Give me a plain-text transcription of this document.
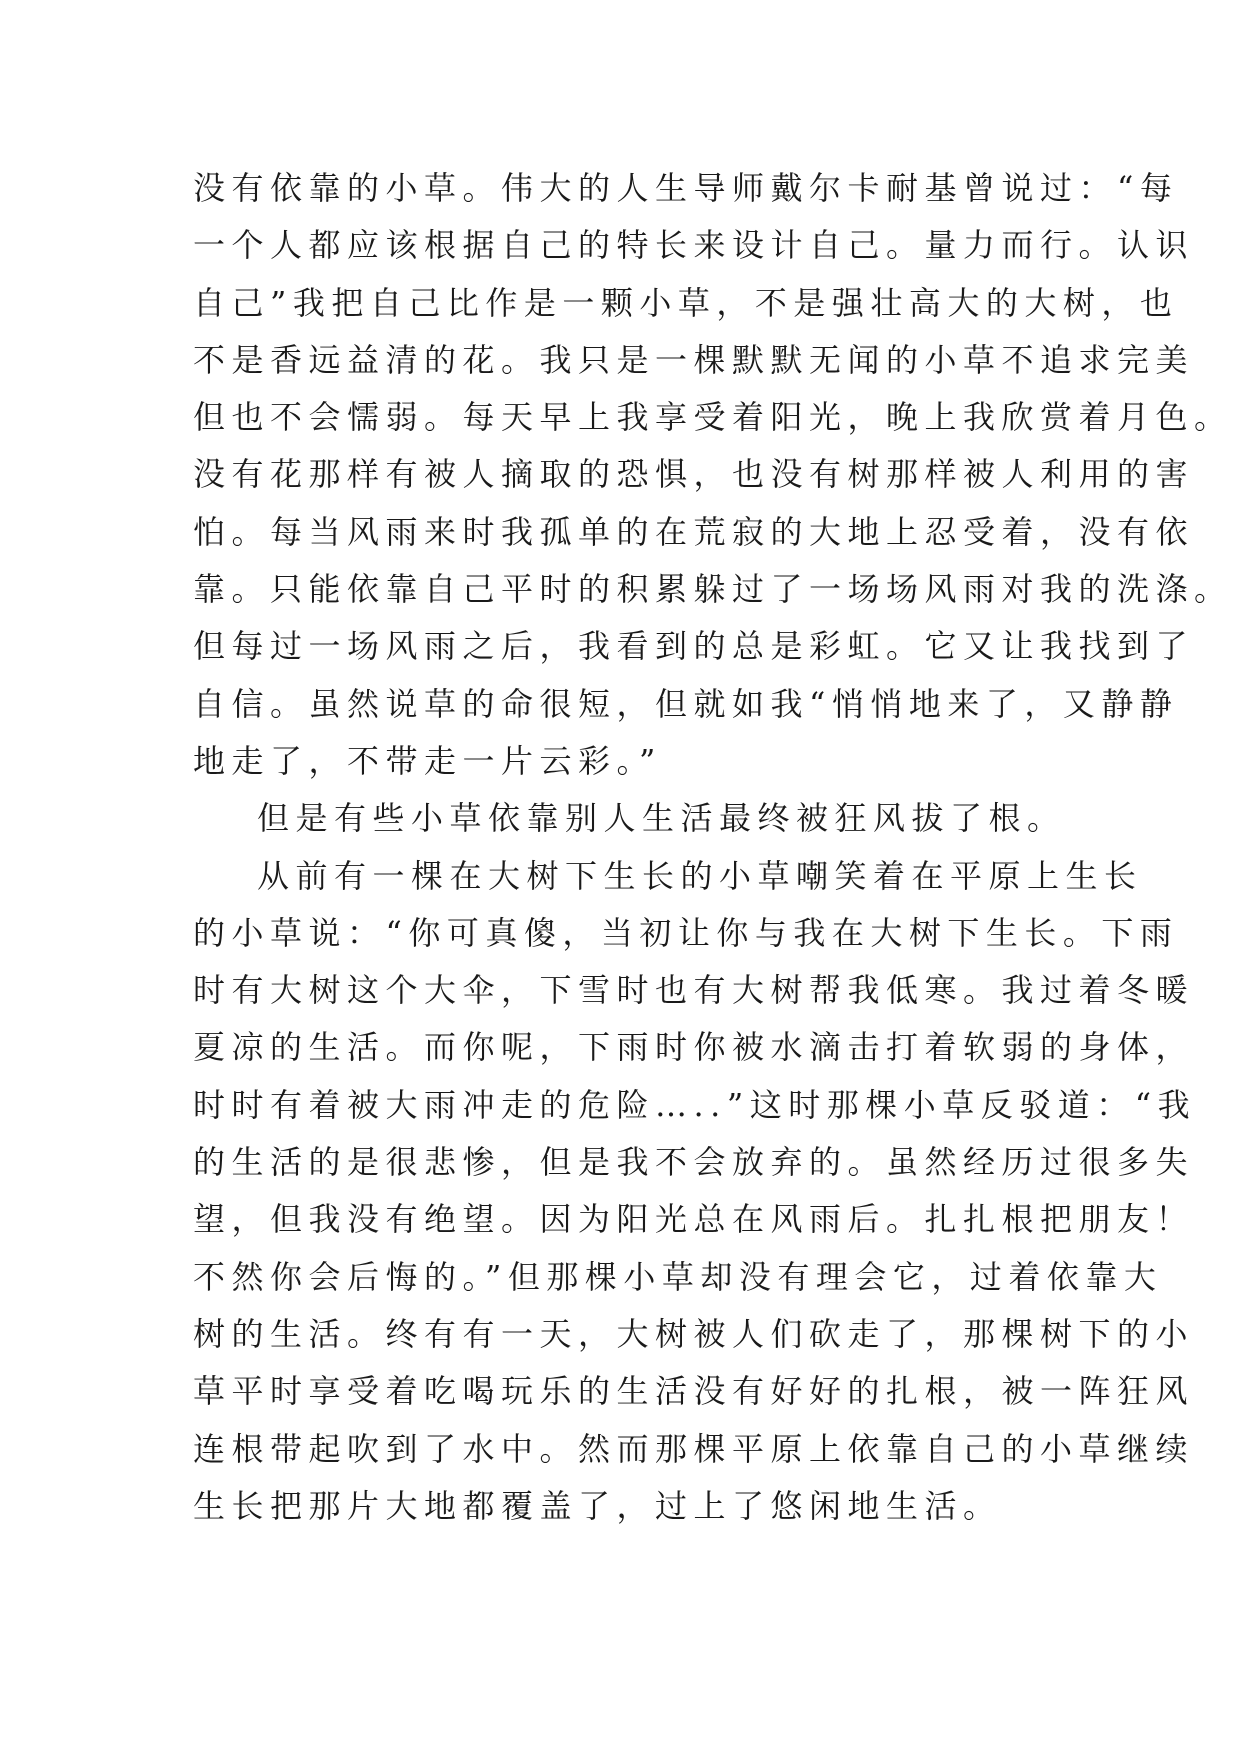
没有依靠的小草。伟大的人生导师戴尔卡耐基曾说过：“每
一个人都应该根据自己的特长来设计自己。量力而行。认识
自己”我把自己比作是一颗小草，不是强壮高大的大树，也
不是香远益清的花。我只是一棵默默无闻的小草不追求完美
但也不会懦弱。每天早上我享受着阳光，晚上我欣赏着月色。
没有花那样有被人摘取的恐惧，也没有树那样被人利用的害
怕。每当风雨来时我孤单的在荒寂的大地上忍受着，没有依
靠。只能依靠自己平时的积累躲过了一场场风雨对我的洗涤。
但每过一场风雨之后，我看到的总是彩虹。它又让我找到了
自信。虽然说草的命很短，但就如我“悄悄地来了，又静静
地走了，不带走一片云彩。”
但是有些小草依靠别人生活最终被狂风拔了根。
从前有一棵在大树下生长的小草嘲笑着在平原上生长
的小草说：“你可真傻，当初让你与我在大树下生长。下雨
时有大树这个大伞，下雪时也有大树帮我低寒。我过着冬暖
夏凉的生活。而你呢，下雨时你被水滴击打着软弱的身体，
时时有着被大雨冲走的危险…..”这时那棵小草反驳道：“我
的生活的是很悲惨，但是我不会放弃的。虽然经历过很多失
望，但我没有绝望。因为阳光总在风雨后。扎扎根把朋友！
不然你会后悔的。”但那棵小草却没有理会它，过着依靠大
树的生活。终有有一天，大树被人们砍走了，那棵树下的小
草平时享受着吃喝玩乐的生活没有好好的扎根，被一阵狂风
连根带起吹到了水中。然而那棵平原上依靠自己的小草继续
生长把那片大地都覆盖了，过上了悠闲地生活。
